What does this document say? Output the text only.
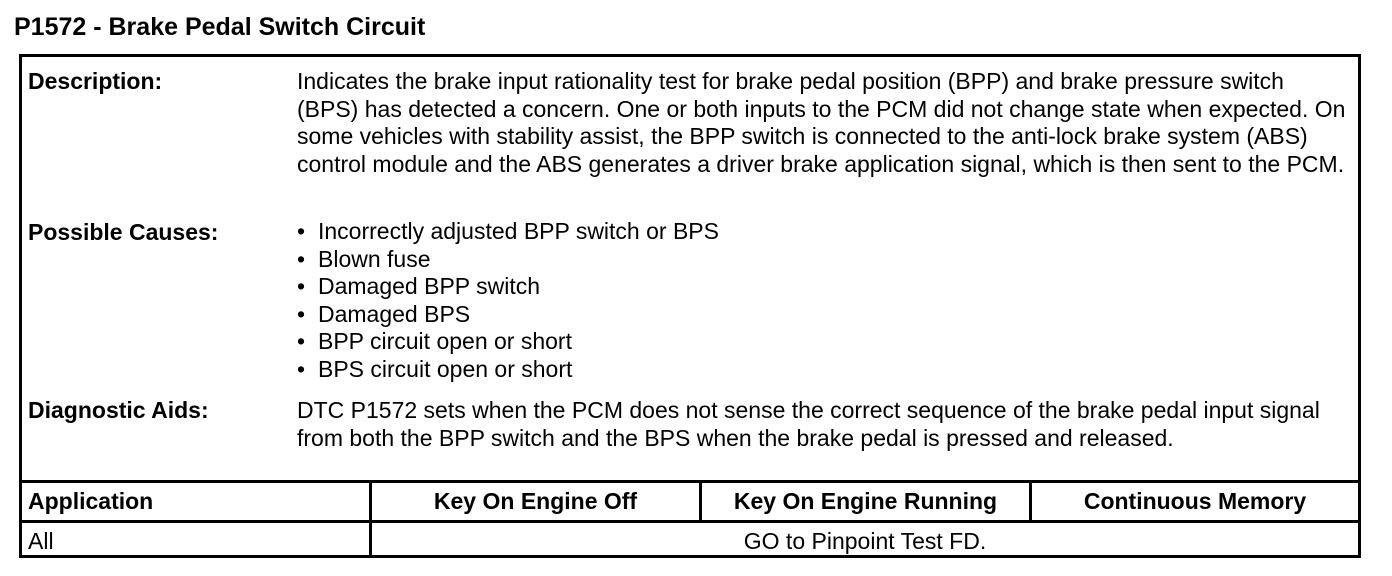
P1572 - Brake Pedal Switch Circuit
Description:	Indicates the brake input rationality test for brake pedal position (BPP) and brake pressure switch (BPS) has detected a concern. One or both inputs to the PCM did not change state when expected. On some vehicles with stability assist, the BPP switch is connected to the anti-lock brake system (ABS) control module and the ABS generates a driver brake application signal, which is then sent to the PCM.
Possible Causes:	• Incorrectly adjusted BPP switch or BPS
• Blown fuse
• Damaged BPP switch
• Damaged BPS
• BPP circuit open or short
• BPS circuit open or short
Diagnostic Aids:	DTC P1572 sets when the PCM does not sense the correct sequence of the brake pedal input signal from both the BPP switch and the BPS when the brake pedal is pressed and released.
Application	Key On Engine Off	Key On Engine Running	Continuous Memory
All	GO to Pinpoint Test FD.
